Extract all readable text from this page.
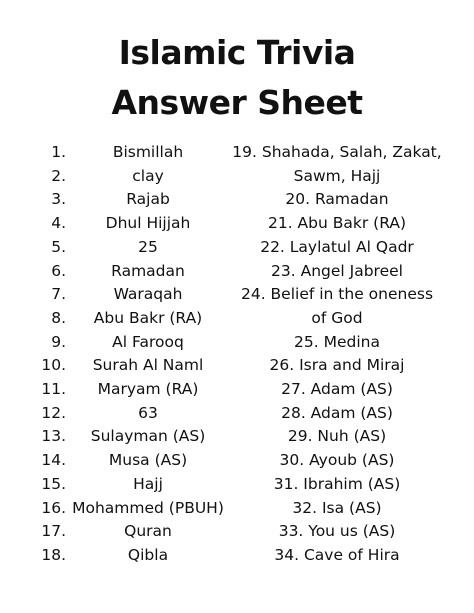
Islamic Trivia
Answer Sheet
1.	Bismillah
2.	clay
3.	Rajab
4.	Dhul Hijjah
5.	25
6.	Ramadan
7.	Waraqah
8. Abu Bakr (RA)
9.	Al Farooq
10. Surah Al Naml
11. Maryam (RA)
12.	63
13. Sulayman (AS)
14.	Musa (AS)
15.	Hajj
16. Mohammed (PBUH)
17.	Quran
18.	Qibla
19. Shahada, Salah, Zakat,
Sawm, Hajj
20. Ramadan
21. Abu Bakr (RA)
22. Laylatul Al Qadr
23. Angel Jabreel
24. Belief in the oneness
of God
25. Medina
26. Isra and Miraj
27. Adam (AS)
28. Adam (AS)
29. Nuh (AS)
30. Ayoub (AS)
31. Ibrahim (AS)
32. Isa (AS)
33. You us (AS)
34. Cave of Hira
